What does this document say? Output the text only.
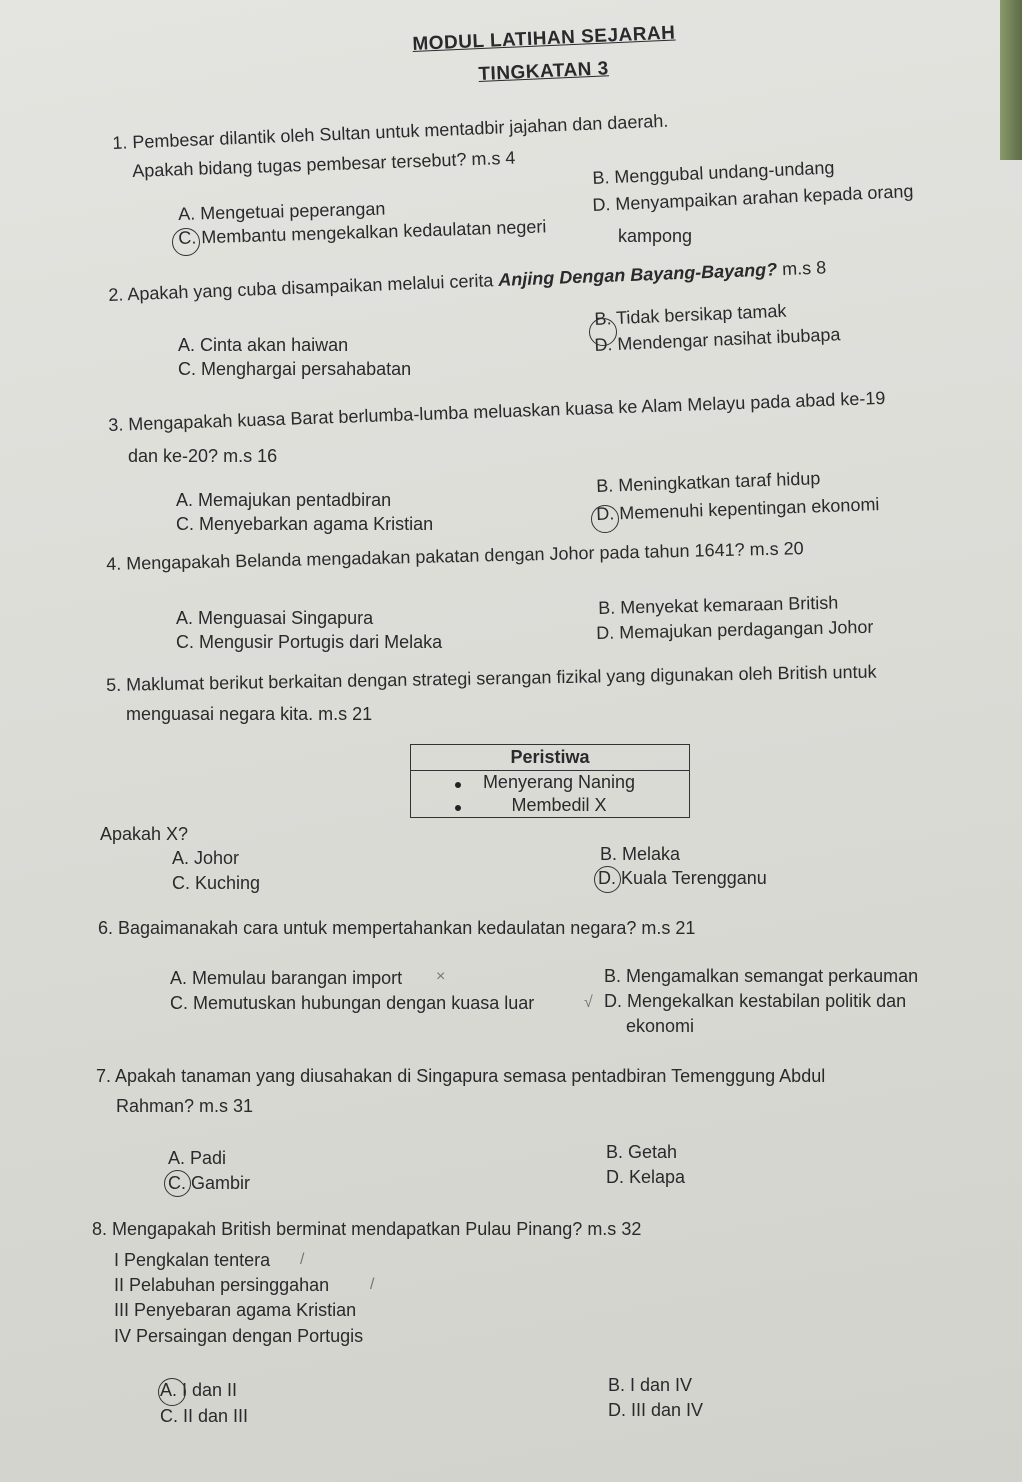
MODUL LATIHAN SEJARAH
TINGKATAN 3
1. Pembesar dilantik oleh Sultan untuk mentadbir jajahan dan daerah.
Apakah bidang tugas pembesar tersebut? m.s 4
A. Mengetuai peperangan
B. Menggubal undang-undang
C. Membantu mengekalkan kedaulatan negeri
D. Menyampaikan arahan kepada orang
kampong
2. Apakah yang cuba disampaikan melalui cerita Anjing Dengan Bayang-Bayang? m.s 8
A. Cinta akan haiwan
B. Tidak bersikap tamak
C. Menghargai persahabatan
D. Mendengar nasihat ibubapa
3. Mengapakah kuasa Barat berlumba-lumba meluaskan kuasa ke Alam Melayu pada abad ke-19
dan ke-20? m.s 16
A. Memajukan pentadbiran
B. Meningkatkan taraf hidup
C. Menyebarkan agama Kristian
D. Memenuhi kepentingan ekonomi
4. Mengapakah Belanda mengadakan pakatan dengan Johor pada tahun 1641? m.s 20
A. Menguasai Singapura
B. Menyekat kemaraan British
C. Mengusir Portugis dari Melaka	D. Memajukan perdagangan Johor
5. Maklumat berikut berkaitan dengan strategi serangan fizikal yang digunakan oleh British untuk
menguasai negara kita. m.s 21
Peristiwa

Menyerang Naning

Membedil X
Apakah X?
A. Johor	B. Melaka
C. Kuching	D. Kuala Terengganu
6. Bagaimanakah cara untuk mempertahankan kedaulatan negara? m.s 21
A. Memulau barangan import ×	B. Mengamalkan semangat perkauman
C. Memutuskan hubungan dengan kuasa luar	√ D. Mengekalkan kestabilan politik dan
ekonomi
7. Apakah tanaman yang diusahakan di Singapura semasa pentadbiran Temenggung Abdul
Rahman? m.s 31
A. Padi	B. Getah
C. Gambir	D. Kelapa
8. Mengapakah British berminat mendapatkan Pulau Pinang? m.s 32
I Pengkalan tentera /
II Pelabuhan persinggahan	/
III Penyebaran agama Kristian
IV Persaingan dengan Portugis
A. I dan II	B. I dan IV
C. II dan III	D. III dan IV
